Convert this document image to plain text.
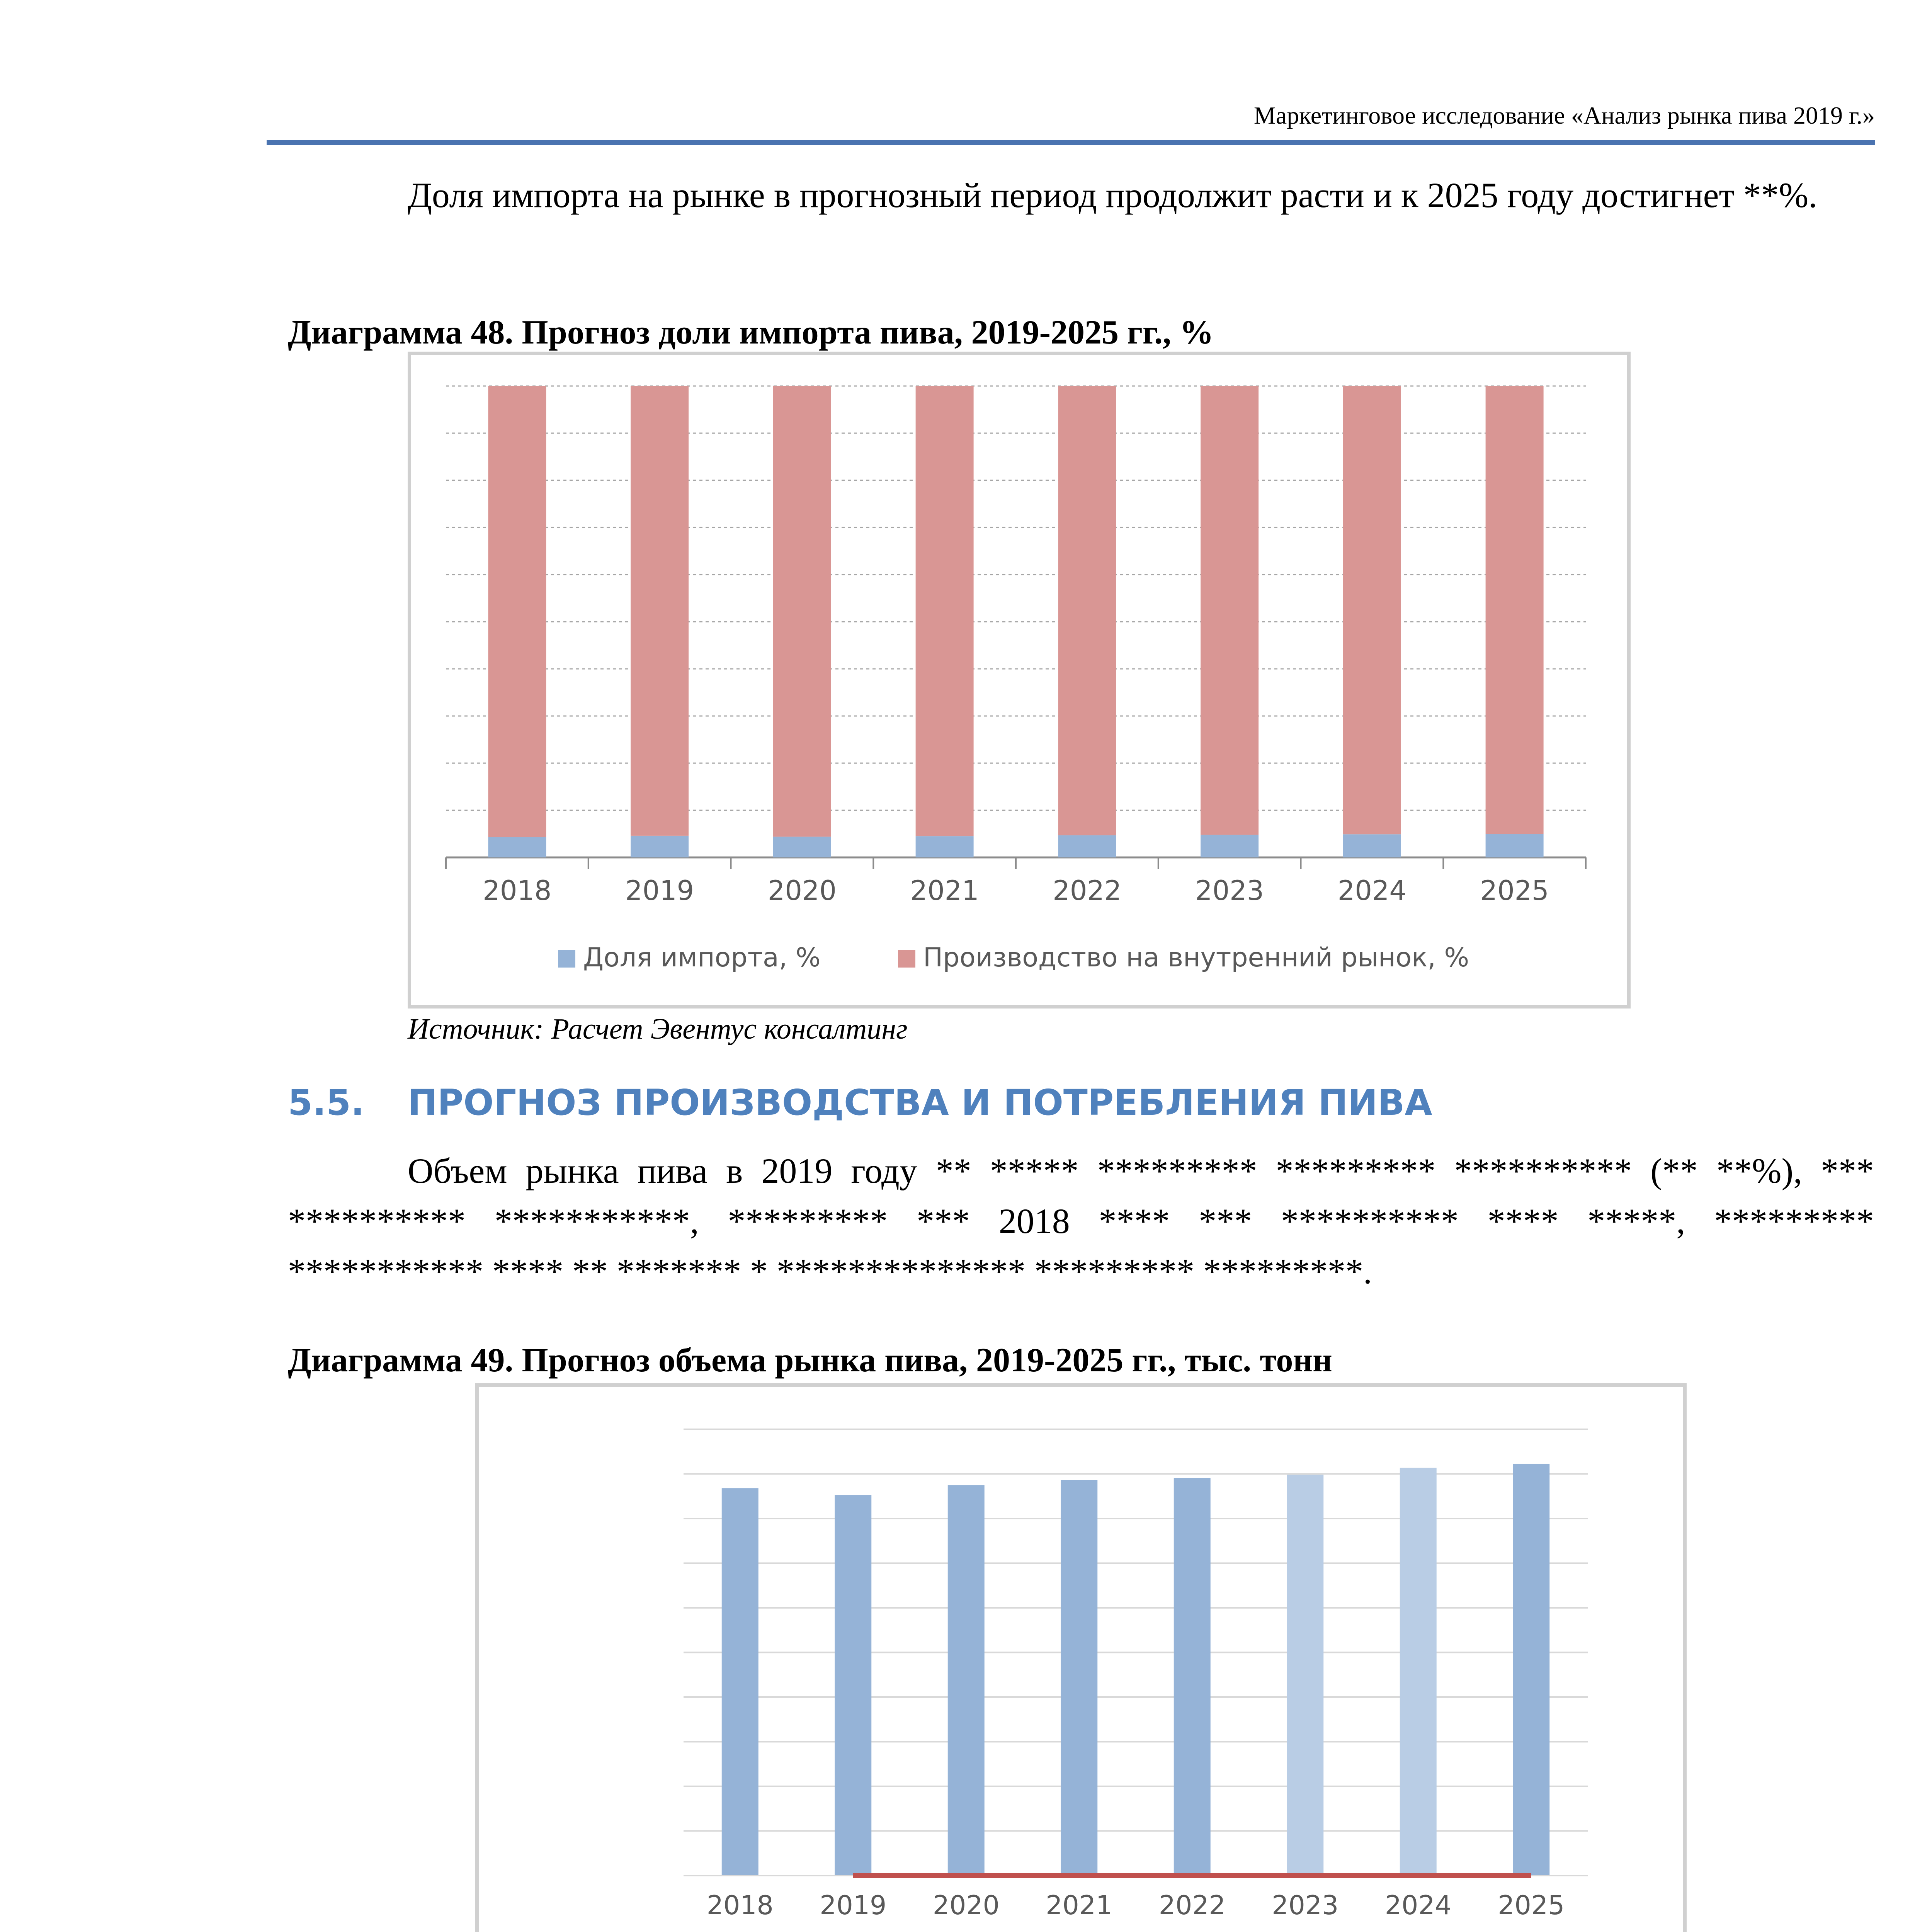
Маркетинговое исследование «Анализ рынка пива 2019 г.»
Доля импорта на рынке в прогнозный период продолжит расти и к 2025 году достигнет **%.
Диаграмма 48. Прогноз доли импорта пива, 2019-2025 гг., %
2018	2019	2020	2021	2022	2023	2024	2025
Доля импорта, %	Производство на внутренний рынок, %
Источник: Расчет Эвентус консалтинг
5.5. ПРОГНОЗ ПРОИЗВОДСТВА И ПОТРЕБЛЕНИЯ ПИВА
Объем рынка пива в 2019 году ** ***** ********* ********* ********** (** **%), *** ********** ***********, ********* *** 2018 **** *** ********** **** *****, ********* *********** **** ** ******* * ************** ********* *********.
Диаграмма 49. Прогноз объема рынка пива, 2019-2025 гг., тыс. тонн
2018 2019 2020 2021 2022 2023 2024 2025
